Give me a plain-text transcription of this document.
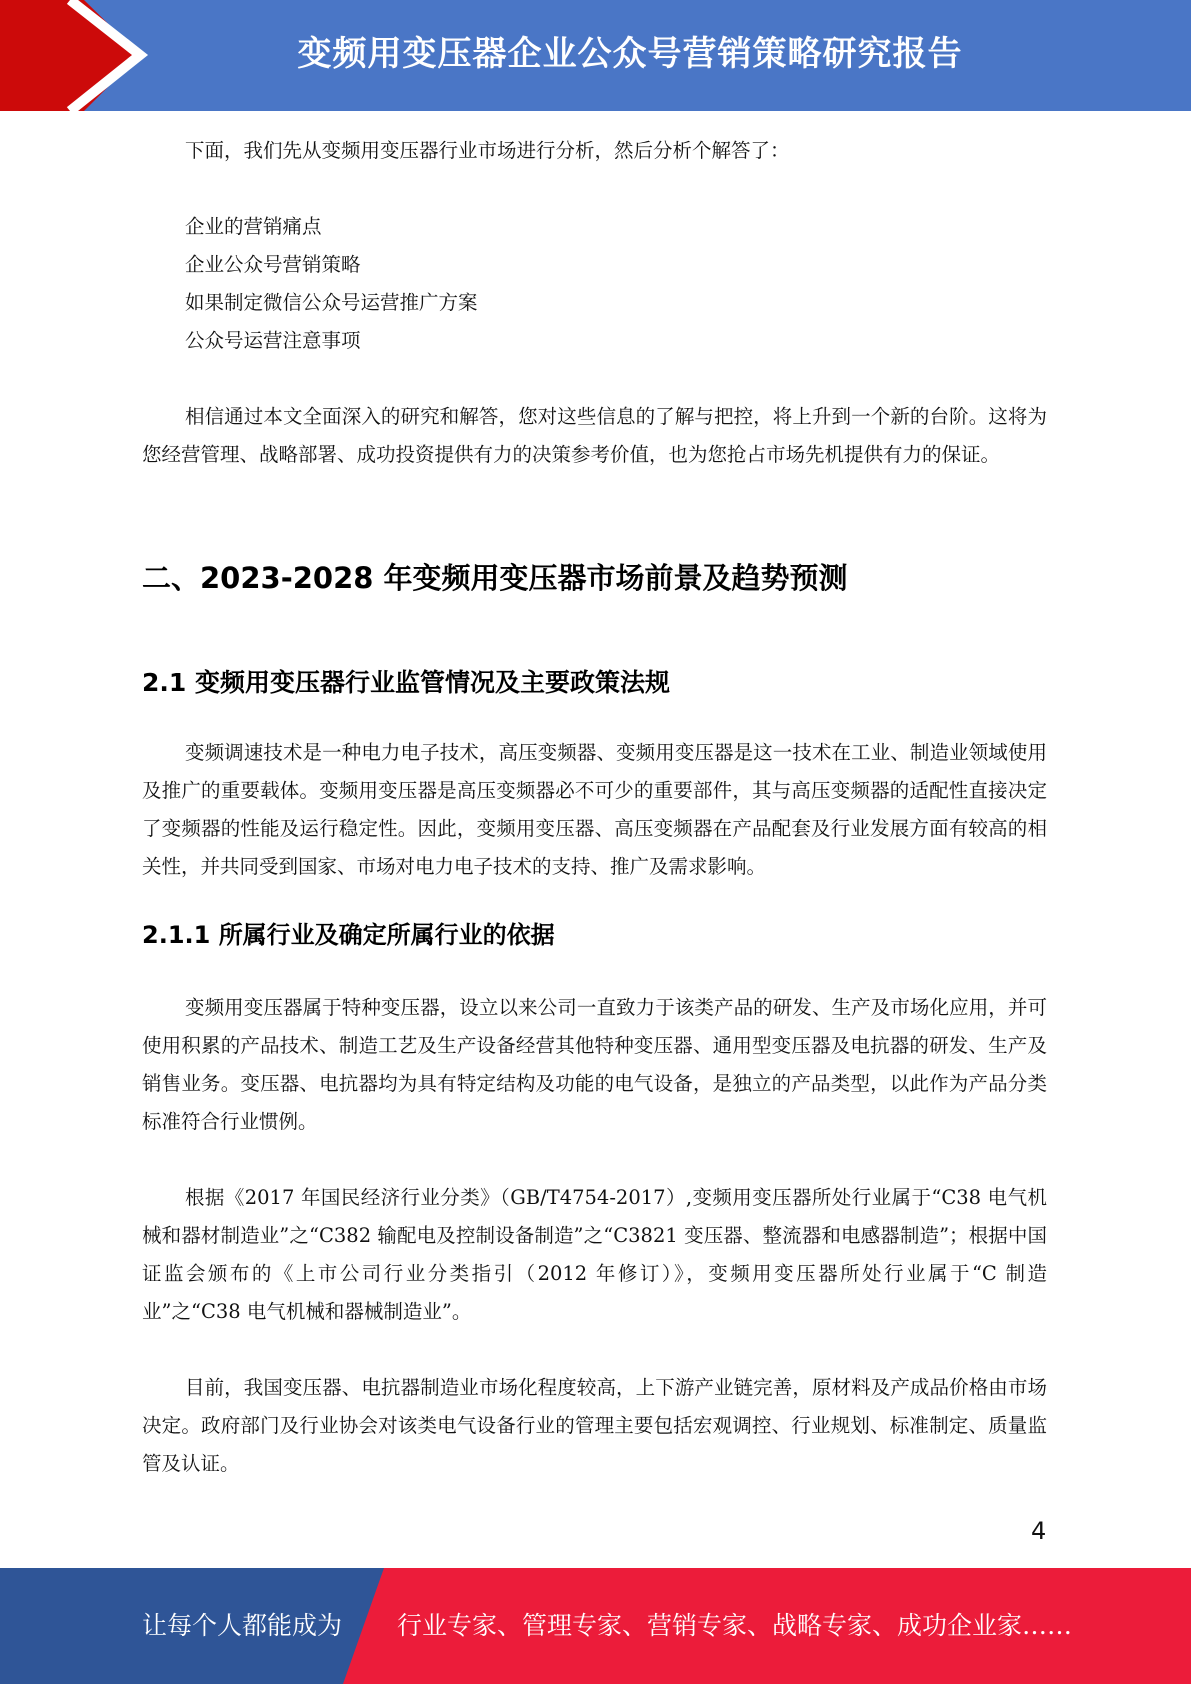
变频用变压器企业公众号营销策略研究报告

下面，我们先从变频用变压器行业市场进行分析，然后分析个解答了：

企业的营销痛点

企业公众号营销策略

如果制定微信公众号运营推广方案

公众号运营注意事项

相信通过本文全面深入的研究和解答，您对这些信息的了解与把控，将上升到一个新的台阶。这将为您经营管理、战略部署、成功投资提供有力的决策参考价值，也为您抢占市场先机提供有力的保证。

二、2023-2028 年变频用变压器市场前景及趋势预测
2.1 变频用变压器行业监管情况及主要政策法规

变频调速技术是一种电力电子技术，高压变频器、变频用变压器是这一技术在工业、制造业领域使用及推广的重要载体。变频用变压器是高压变频器必不可少的重要部件，其与高压变频器的适配性直接决定了变频器的性能及运行稳定性。因此，变频用变压器、高压变频器在产品配套及行业发展方面有较高的相关性，并共同受到国家、市场对电力电子技术的支持、推广及需求影响。

2.1.1 所属行业及确定所属行业的依据

变频用变压器属于特种变压器，设立以来公司一直致力于该类产品的研发、生产及市场化应用，并可使用积累的产品技术、制造工艺及生产设备经营其他特种变压器、通用型变压器及电抗器的研发、生产及销售业务。变压器、电抗器均为具有特定结构及功能的电气设备，是独立的产品类型，以此作为产品分类标准符合行业惯例。

根据《2017 年国民经济行业分类》（GB/T4754-2017）,变频用变压器所处行业属于“C38 电气机械和器材制造业”之“C382 输配电及控制设备制造”之“C3821 变压器、整流器和电感器制造”；根据中国证监会颁布的《上市公司行业分类指引（2012 年修订）》，变频用变压器所处行业属于“C 制造业”之“C38 电气机械和器械制造业”。

目前，我国变压器、电抗器制造业市场化程度较高，上下游产业链完善，原材料及产成品价格由市场决定。政府部门及行业协会对该类电气设备行业的管理主要包括宏观调控、行业规划、标准制定、质量监管及认证。

4
让每个人都能成为 行业专家、管理专家、营销专家、战略专家、成功企业家……
